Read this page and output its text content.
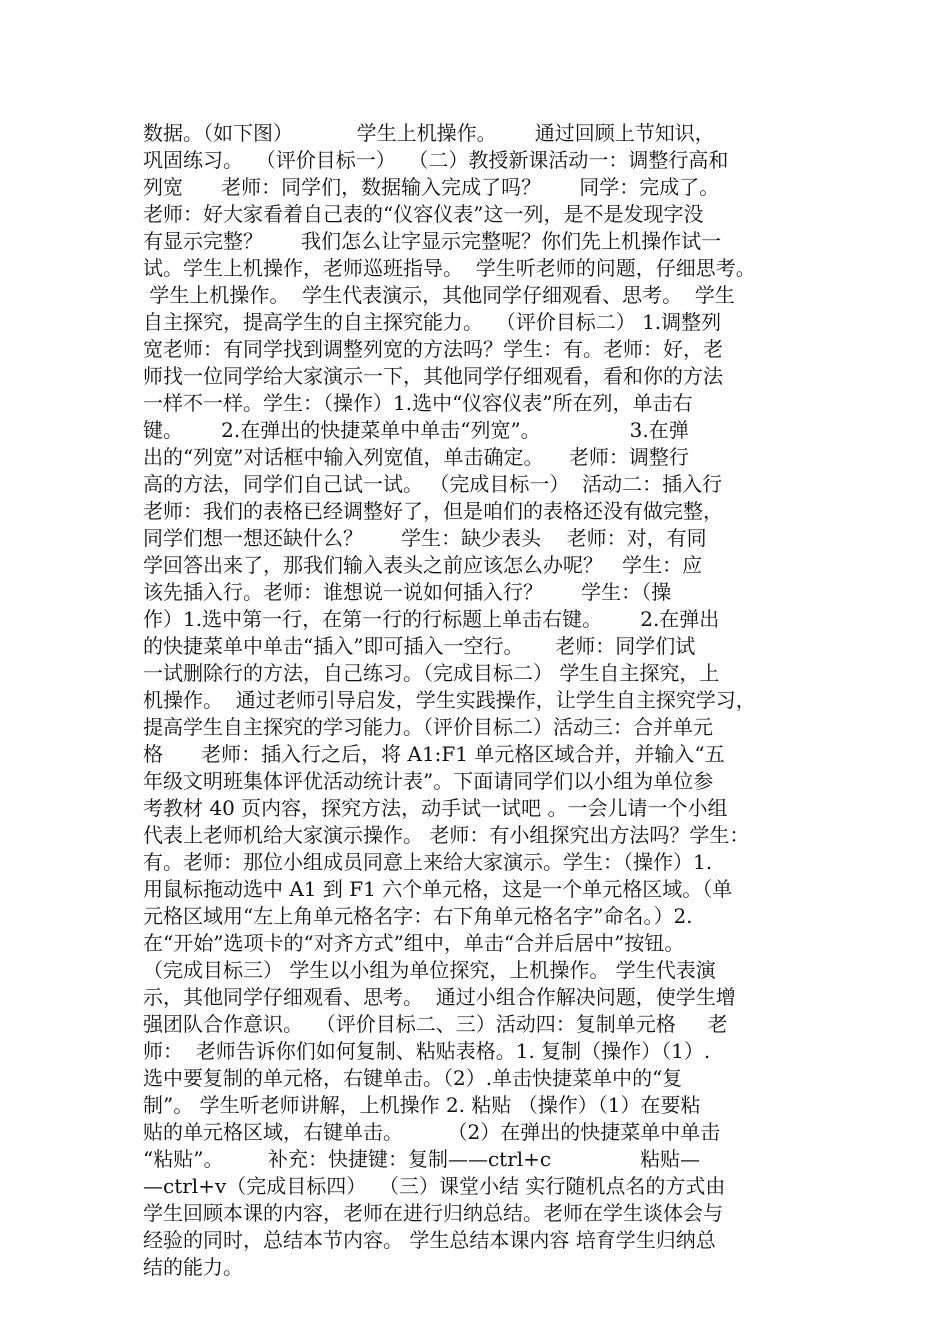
数据。（如下图）          学生上机操作。      通过回顾上节知识，
巩固练习。  （评价目标一）  （二）教授新课活动一：调整行高和
列宽      老师：同学们，数据输入完成了吗？      同学：完成了。
老师：好大家看着自己表的“仪容仪表”这一列，是不是发现字没
有显示完整？      我们怎么让字显示完整呢？你们先上机操作试一
试。学生上机操作，老师巡班指导。  学生听老师的问题，仔细思考。
学生上机操作。  学生代表演示，其他同学仔细观看、思考。  学生
自主探究，提高学生的自主探究能力。  （评价目标二） 1.调整列
宽老师：有同学找到调整列宽的方法吗？学生：有。老师：好，老
师找一位同学给大家演示一下，其他同学仔细观看，看和你的方法
一样不一样。学生：（操作）1.选中“仪容仪表”所在列，单击右
键。      2.在弹出的快捷菜单中单击“列宽”。              3.在弹
出的“列宽”对话框中输入列宽值，单击确定。    老师：调整行
高的方法，同学们自己试一试。 （完成目标一）  活动二：插入行
老师：我们的表格已经调整好了，但是咱们的表格还没有做完整，
同学们想一想还缺什么？      学生：缺少表头    老师：对，有同
学回答出来了，那我们输入表头之前应该怎么办呢？   学生：应
该先插入行。老师：谁想说一说如何插入行？      学生：（操
作）1.选中第一行，在第一行的行标题上单击右键。      2.在弹出
的快捷菜单中单击“插入”即可插入一空行。     老师：同学们试
一试删除行的方法，自己练习。（完成目标二） 学生自主探究，上
机操作。  通过老师引导启发，学生实践操作，让学生自主探究学习，
提高学生自主探究的学习能力。（评价目标二）活动三：合并单元
格      老师：插入行之后，将 A1:F1 单元格区域合并，并输入“五
年级文明班集体评优活动统计表”。下面请同学们以小组为单位参
考教材 40 页内容，探究方法，动手试一试吧 。一会儿请一个小组
代表上老师机给大家演示操作。 老师：有小组探究出方法吗？学生：
有。老师：那位小组成员同意上来给大家演示。学生：（操作）1.
用鼠标拖动选中 A1 到 F1 六个单元格，这是一个单元格区域。（单
元格区域用“左上角单元格名字：右下角单元格名字”命名。）2.
在“开始”选项卡的“对齐方式”组中，单击“合并后居中”按钮。
（完成目标三） 学生以小组为单位探究，上机操作。 学生代表演
示，其他同学仔细观看、思考。  通过小组合作解决问题，使学生增
强团队合作意识。  （评价目标二、三）活动四：复制单元格     老
师：  老师告诉你们如何复制、粘贴表格。1. 复制（操作）（1）.
选中要复制的单元格，右键单击。（2）.单击快捷菜单中的“复
制”。 学生听老师讲解，上机操作 2. 粘贴 （操作）（1）在要粘
贴的单元格区域，右键单击。       （2）在弹出的快捷菜单中单击
“粘贴”。       补充：快捷键：复制——ctrl+c              粘贴—
—ctrl+v（完成目标四）  （三）课堂小结 实行随机点名的方式由
学生回顾本课的内容，老师在进行归纳总结。老师在学生谈体会与
经验的同时，总结本节内容。 学生总结本课内容 培育学生归纳总
结的能力。
